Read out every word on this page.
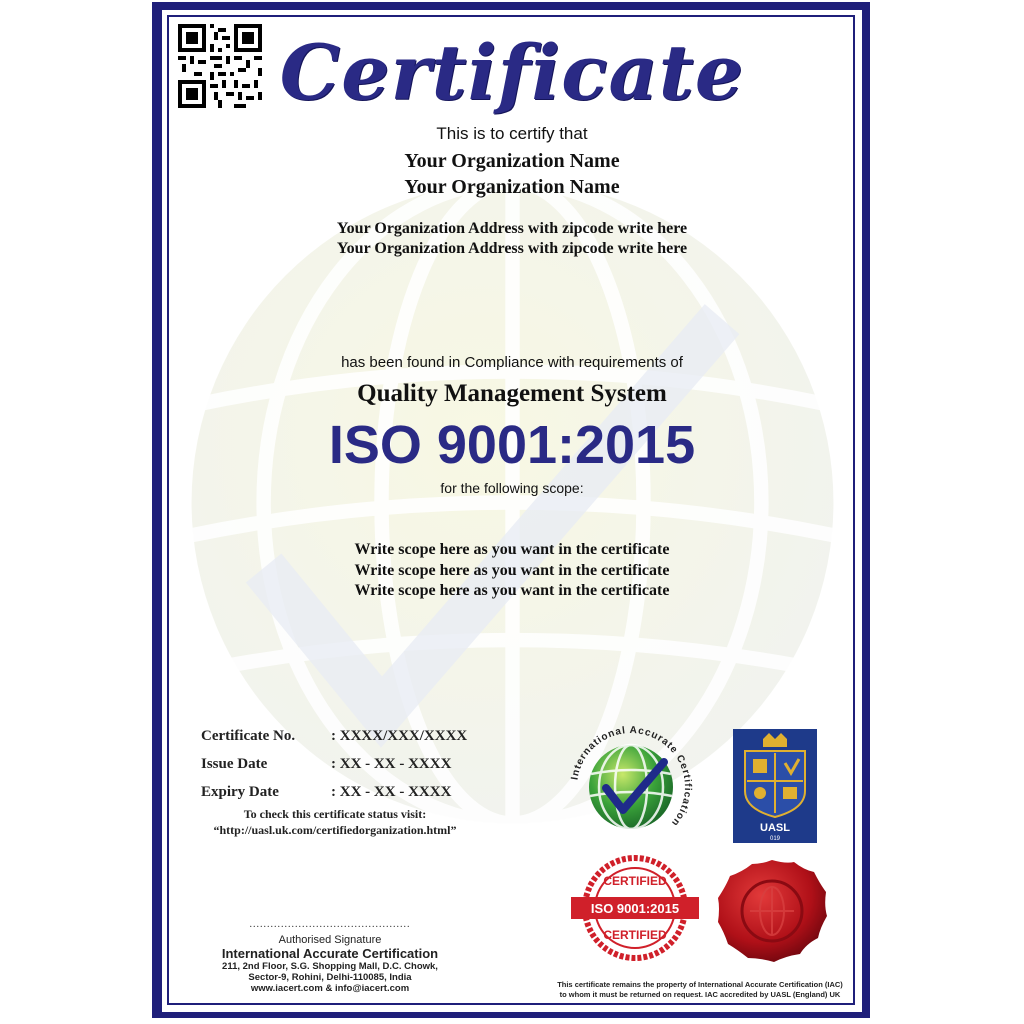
Certificate
This is to certify that
Your Organization Name
Your Organization Name
Your Organization Address with zipcode write here
Your Organization Address with zipcode write here
has been found in Compliance with requirements of
Quality Management System
ISO 9001:2015
for the following scope:
Write scope here as you want in the certificate
Write scope here as you want in the certificate
Write scope here as you want in the certificate
Certificate No.	: XXXX/XXX/XXXX
Issue Date	: XX - XX - XXXX
Expiry Date	: XX - XX - XXXX
To check this certificate status visit:
“http://uasl.uk.com/certifiedorganization.html”
..............................................
Authorised Signature
International Accurate Certification
211, 2nd Floor, S.G. Shopping Mall, D.C. Chowk,
Sector-9, Rohini, Delhi-110085, India
www.iacert.com & info@iacert.com	This certificate remains the property of International Accurate Certification (IAC)
to whom it must be returned on request. IAC accredited by UASL (England) UK
International Accurate Certification	UASL
019
CERTIFIED
ISO 9001:2015
CERTIFIED
